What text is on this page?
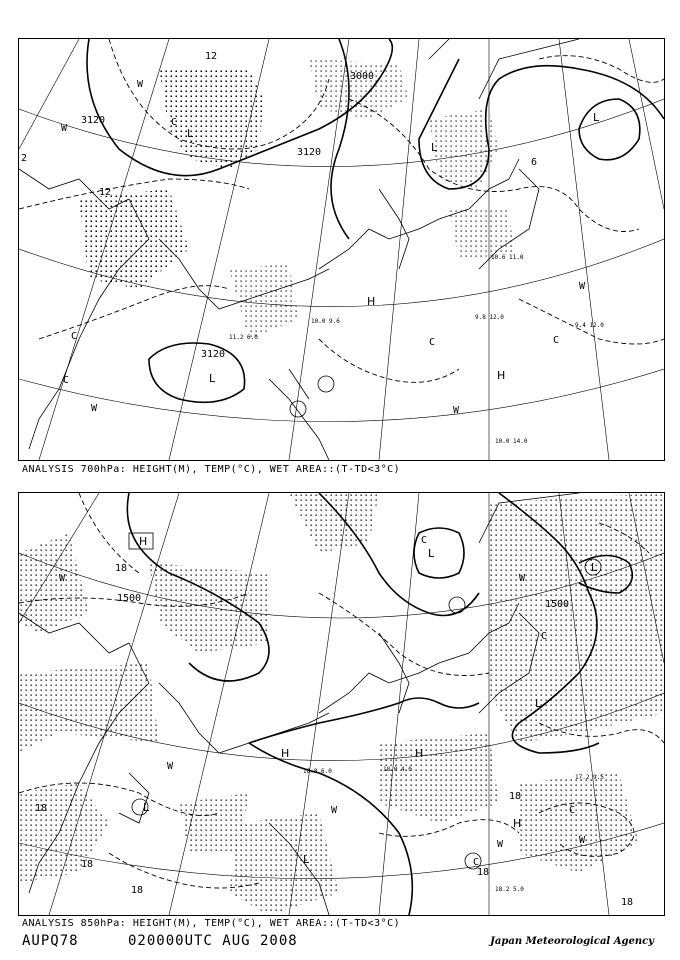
3120
3000
3120
3120
12
6
12
2
L
L
L
H
H
L
W
W
W
W
W
C
C
C	C
C
10.6 11.0
9.8 12.0
9.4 12.0
10.0 14.0
11.2 6.0
10.0 9.6
ANALYSIS 700hPa: HEIGHT(M), TEMP(°C), WET AREA::(T-TD<3°C)
1500
1500
18
18
18
18
18
18
18
H
H
H
H
L
L
L
L
L
W	W
W
W	W
W
C
C
C
C
17.2 9.5
18.2 5.0
18.0 4.0
18.8 6.0
ANALYSIS 850hPa: HEIGHT(M), TEMP(°C), WET AREA::(T-TD<3°C)
AUPQ78	020000UTC AUG 2008	Japan Meteorological Agency
